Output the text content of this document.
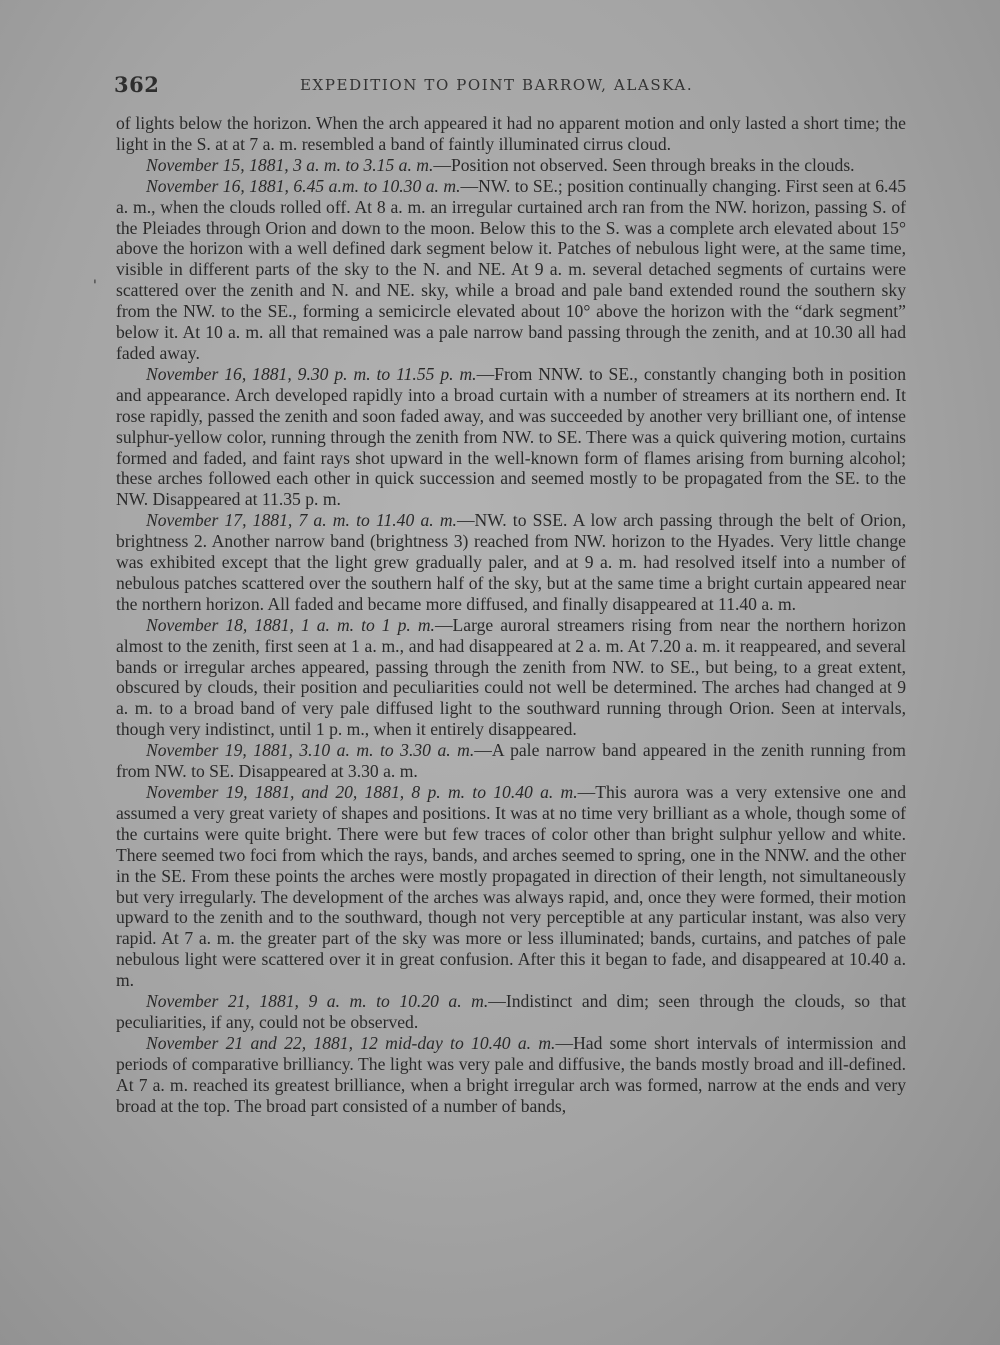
362	EXPEDITION TO POINT BARROW, ALASKA.
'

of lights below the horizon. When the arch appeared it had no apparent motion and only lasted a short time; the light in the S. at at 7 a. m. resembled a band of faintly illuminated cirrus cloud.

November 15, 1881, 3 a. m. to 3.15 a. m.—Position not observed. Seen through breaks in the clouds.

November 16, 1881, 6.45 a.m. to 10.30 a. m.—NW. to SE.; position continually changing. First seen at 6.45 a. m., when the clouds rolled off. At 8 a. m. an irregular curtained arch ran from the NW. horizon, passing S. of the Pleiades through Orion and down to the moon. Below this to the S. was a complete arch elevated about 15° above the horizon with a well defined dark segment below it. Patches of nebulous light were, at the same time, visible in different parts of the sky to the N. and NE. At 9 a. m. several detached segments of curtains were scattered over the zenith and N. and NE. sky, while a broad and pale band extended round the southern sky from the NW. to the SE., forming a semicircle elevated about 10° above the horizon with the “dark segment” below it. At 10 a. m. all that remained was a pale narrow band passing through the zenith, and at 10.30 all had faded away.

November 16, 1881, 9.30 p. m. to 11.55 p. m.—From NNW. to SE., constantly changing both in position and appearance. Arch developed rapidly into a broad curtain with a number of streamers at its northern end. It rose rapidly, passed the zenith and soon faded away, and was succeeded by another very brilliant one, of intense sulphur-yellow color, running through the zenith from NW. to SE. There was a quick quivering motion, curtains formed and faded, and faint rays shot upward in the well-known form of flames arising from burning alcohol; these arches followed each other in quick succession and seemed mostly to be propagated from the SE. to the NW. Disappeared at 11.35 p. m.

November 17, 1881, 7 a. m. to 11.40 a. m.—NW. to SSE. A low arch passing through the belt of Orion, brightness 2. Another narrow band (brightness 3) reached from NW. horizon to the Hyades. Very little change was exhibited except that the light grew gradually paler, and at 9 a. m. had resolved itself into a number of nebulous patches scattered over the southern half of the sky, but at the same time a bright curtain appeared near the northern horizon. All faded and became more diffused, and finally disappeared at 11.40 a. m.

November 18, 1881, 1 a. m. to 1 p. m.—Large auroral streamers rising from near the northern horizon almost to the zenith, first seen at 1 a. m., and had disappeared at 2 a. m. At 7.20 a. m. it reappeared, and several bands or irregular arches appeared, passing through the zenith from NW. to SE., but being, to a great extent, obscured by clouds, their position and peculiarities could not well be determined. The arches had changed at 9 a. m. to a broad band of very pale diffused light to the southward running through Orion. Seen at intervals, though very indistinct, until 1 p. m., when it entirely disappeared.

November 19, 1881, 3.10 a. m. to 3.30 a. m.—A pale narrow band appeared in the zenith running from from NW. to SE. Disappeared at 3.30 a. m.

November 19, 1881, and 20, 1881, 8 p. m. to 10.40 a. m.—This aurora was a very extensive one and assumed a very great variety of shapes and positions. It was at no time very brilliant as a whole, though some of the curtains were quite bright. There were but few traces of color other than bright sulphur yellow and white. There seemed two foci from which the rays, bands, and arches seemed to spring, one in the NNW. and the other in the SE. From these points the arches were mostly propagated in direction of their length, not simultaneously but very irregularly. The development of the arches was always rapid, and, once they were formed, their motion upward to the zenith and to the southward, though not very perceptible at any particular instant, was also very rapid. At 7 a. m. the greater part of the sky was more or less illuminated; bands, curtains, and patches of pale nebulous light were scattered over it in great confusion. After this it began to fade, and disappeared at 10.40 a. m.

November 21, 1881, 9 a. m. to 10.20 a. m.—Indistinct and dim; seen through the clouds, so that peculiarities, if any, could not be observed.

November 21 and 22, 1881, 12 mid-day to 10.40 a. m.—Had some short intervals of intermission and periods of comparative brilliancy. The light was very pale and diffusive, the bands mostly broad and ill-defined. At 7 a. m. reached its greatest brilliance, when a bright irregular arch was formed, narrow at the ends and very broad at the top. The broad part consisted of a number of bands,
